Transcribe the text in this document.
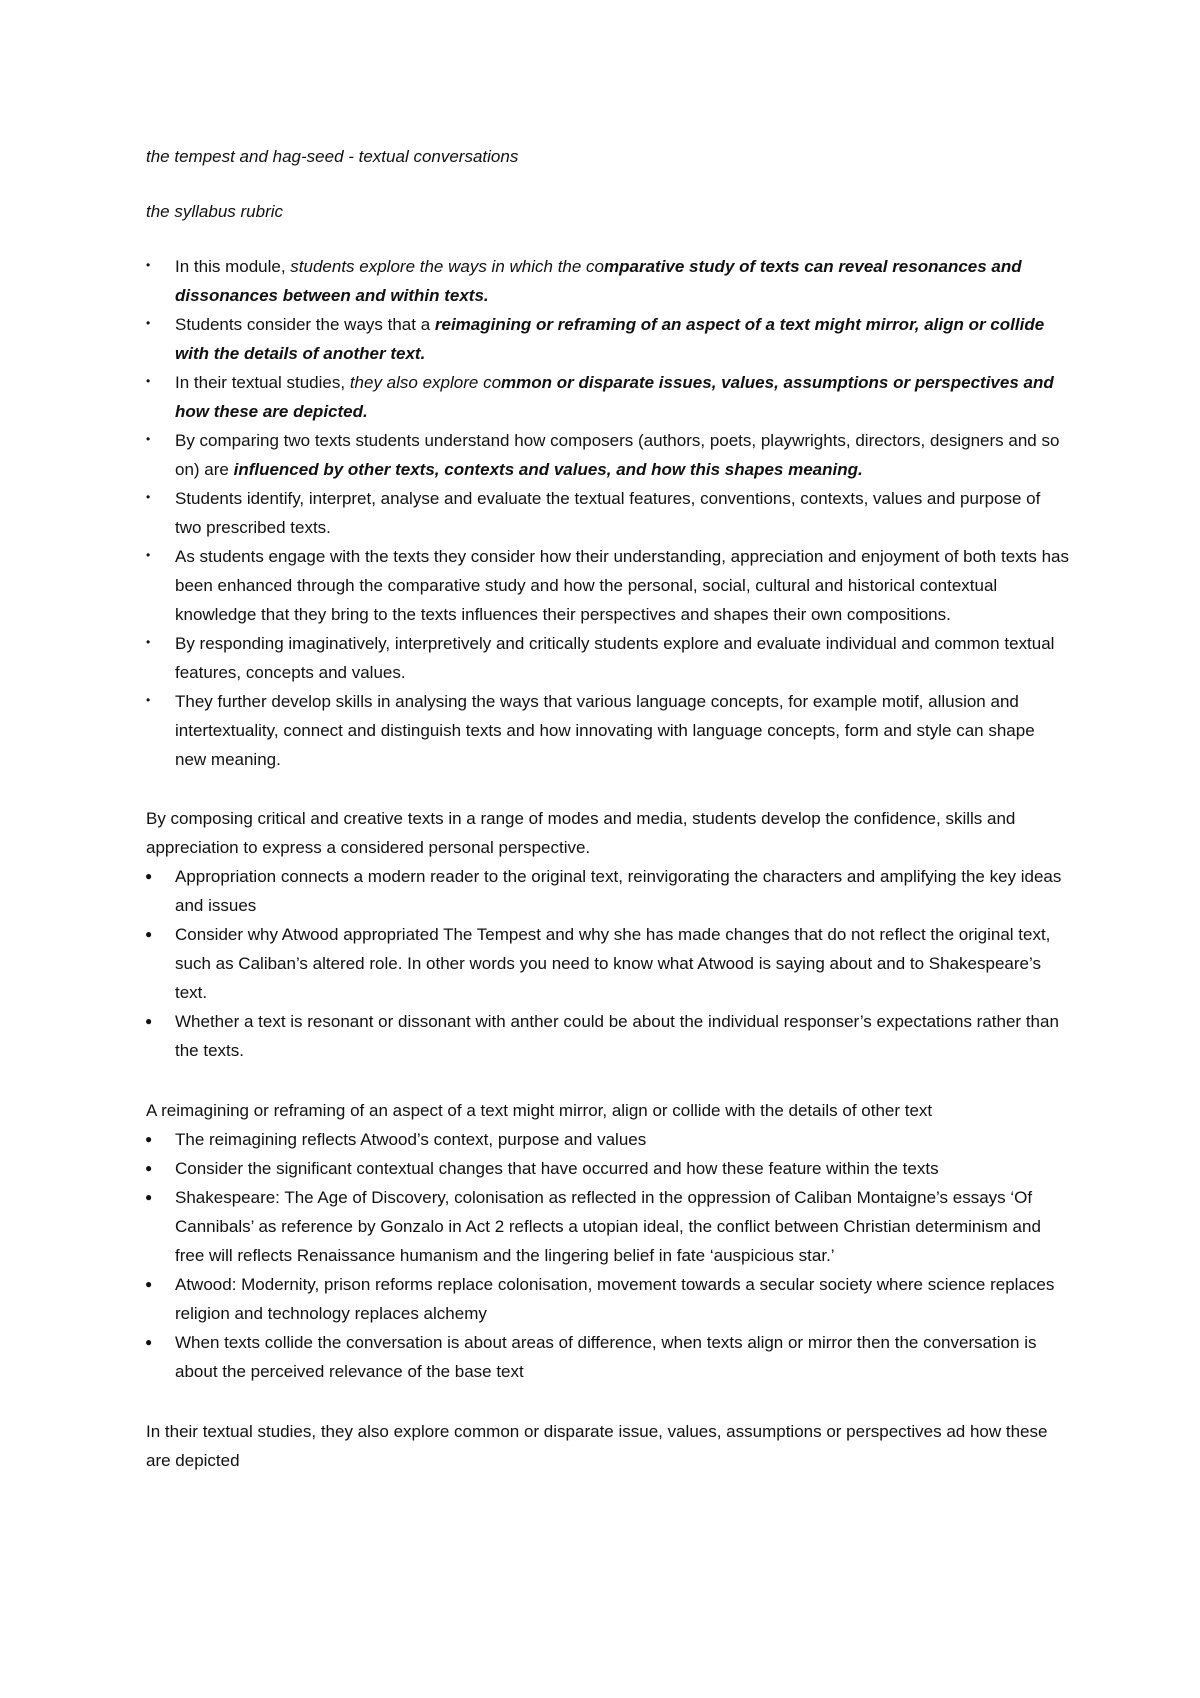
the tempest and hag-seed - textual conversations
the syllabus rubric
• In this module, students explore the ways in which the comparative study of texts can reveal resonances and dissonances between and within texts.
• Students consider the ways that a reimagining or reframing of an aspect of a text might mirror, align or collide with the details of another text.
• In their textual studies, they also explore common or disparate issues, values, assumptions or perspectives and how these are depicted.
• By comparing two texts students understand how composers (authors, poets, playwrights, directors, designers and so on) are influenced by other texts, contexts and values, and how this shapes meaning.
• Students identify, interpret, analyse and evaluate the textual features, conventions, contexts, values and purpose of two prescribed texts.
• As students engage with the texts they consider how their understanding, appreciation and enjoyment of both texts has been enhanced through the comparative study and how the personal, social, cultural and historical contextual knowledge that they bring to the texts influences their perspectives and shapes their own compositions.
• By responding imaginatively, interpretively and critically students explore and evaluate individual and common textual features, concepts and values.
• They further develop skills in analysing the ways that various language concepts, for example motif, allusion and intertextuality, connect and distinguish texts and how innovating with language concepts, form and style can shape new meaning.

By composing critical and creative texts in a range of modes and media, students develop the confidence, skills and appreciation to express a considered personal perspective.

● Appropriation connects a modern reader to the original text, reinvigorating the characters and amplifying the key ideas and issues
● Consider why Atwood appropriated The Tempest and why she has made changes that do not reflect the original text, such as Caliban’s altered role. In other words you need to know what Atwood is saying about and to Shakespeare’s text.
● Whether a text is resonant or dissonant with anther could be about the individual responser’s expectations rather than the texts.

A reimagining or reframing of an aspect of a text might mirror, align or collide with the details of other text

● The reimagining reflects Atwood’s context, purpose and values
● Consider the significant contextual changes that have occurred and how these feature within the texts
● Shakespeare: The Age of Discovery, colonisation as reflected in the oppression of Caliban Montaigne’s essays ‘Of Cannibals’ as reference by Gonzalo in Act 2 reflects a utopian ideal, the conflict between Christian determinism and free will reflects Renaissance humanism and the lingering belief in fate ‘auspicious star.’
● Atwood: Modernity, prison reforms replace colonisation, movement towards a secular society where science replaces religion and technology replaces alchemy
● When texts collide the conversation is about areas of difference, when texts align or mirror then the conversation is about the perceived relevance of the base text

In their textual studies, they also explore common or disparate issue, values, assumptions or perspectives ad how these are depicted
